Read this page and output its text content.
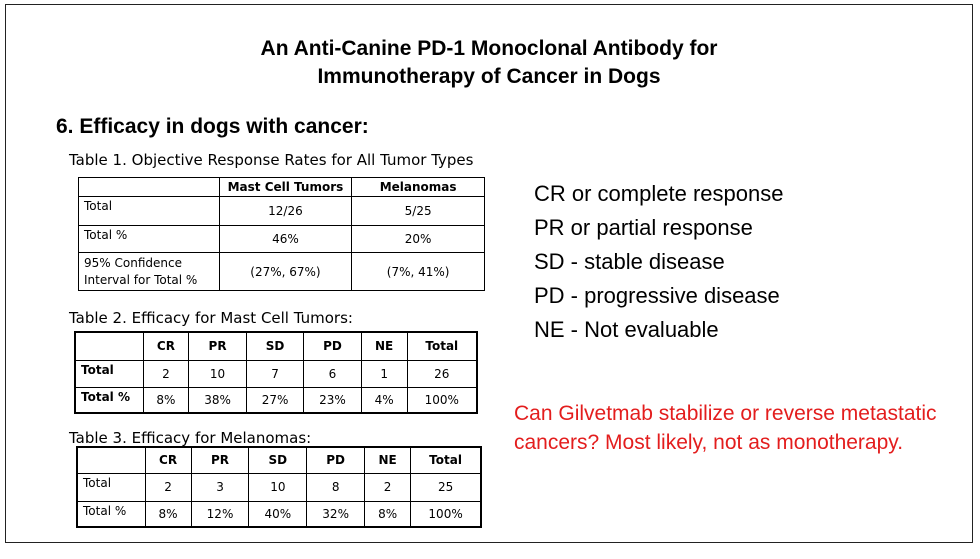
An Anti-Canine PD-1 Monoclonal Antibody for
Immunotherapy of Cancer in Dogs
6. Efficacy in dogs with cancer:
Table 1. Objective Response Rates for All Tumor Types
	Mast Cell Tumors	Melanomas
Total	12/26	5/25
Total %	46%	20%

95% Confidence
Interval for Total %	(27%, 67%)	(7%, 41%)
Table 2. Efficacy for Mast Cell Tumors:
	CR	PR	SD	PD	NE	Total
Total	2	10	7	6	1	26
Total %	8%	38%	27%	23%	4%	100%
Table 3. Efficacy for Melanomas:
	CR	PR	SD	PD	NE	Total
Total	2	3	10	8	2	25
Total %	8%	12%	40%	32%	8%	100%
CR or complete response
PR or partial response
SD - stable disease
PD - progressive disease
NE - Not evaluable
Can Gilvetmab stabilize or reverse metastatic cancers? Most likely, not as monotherapy.
